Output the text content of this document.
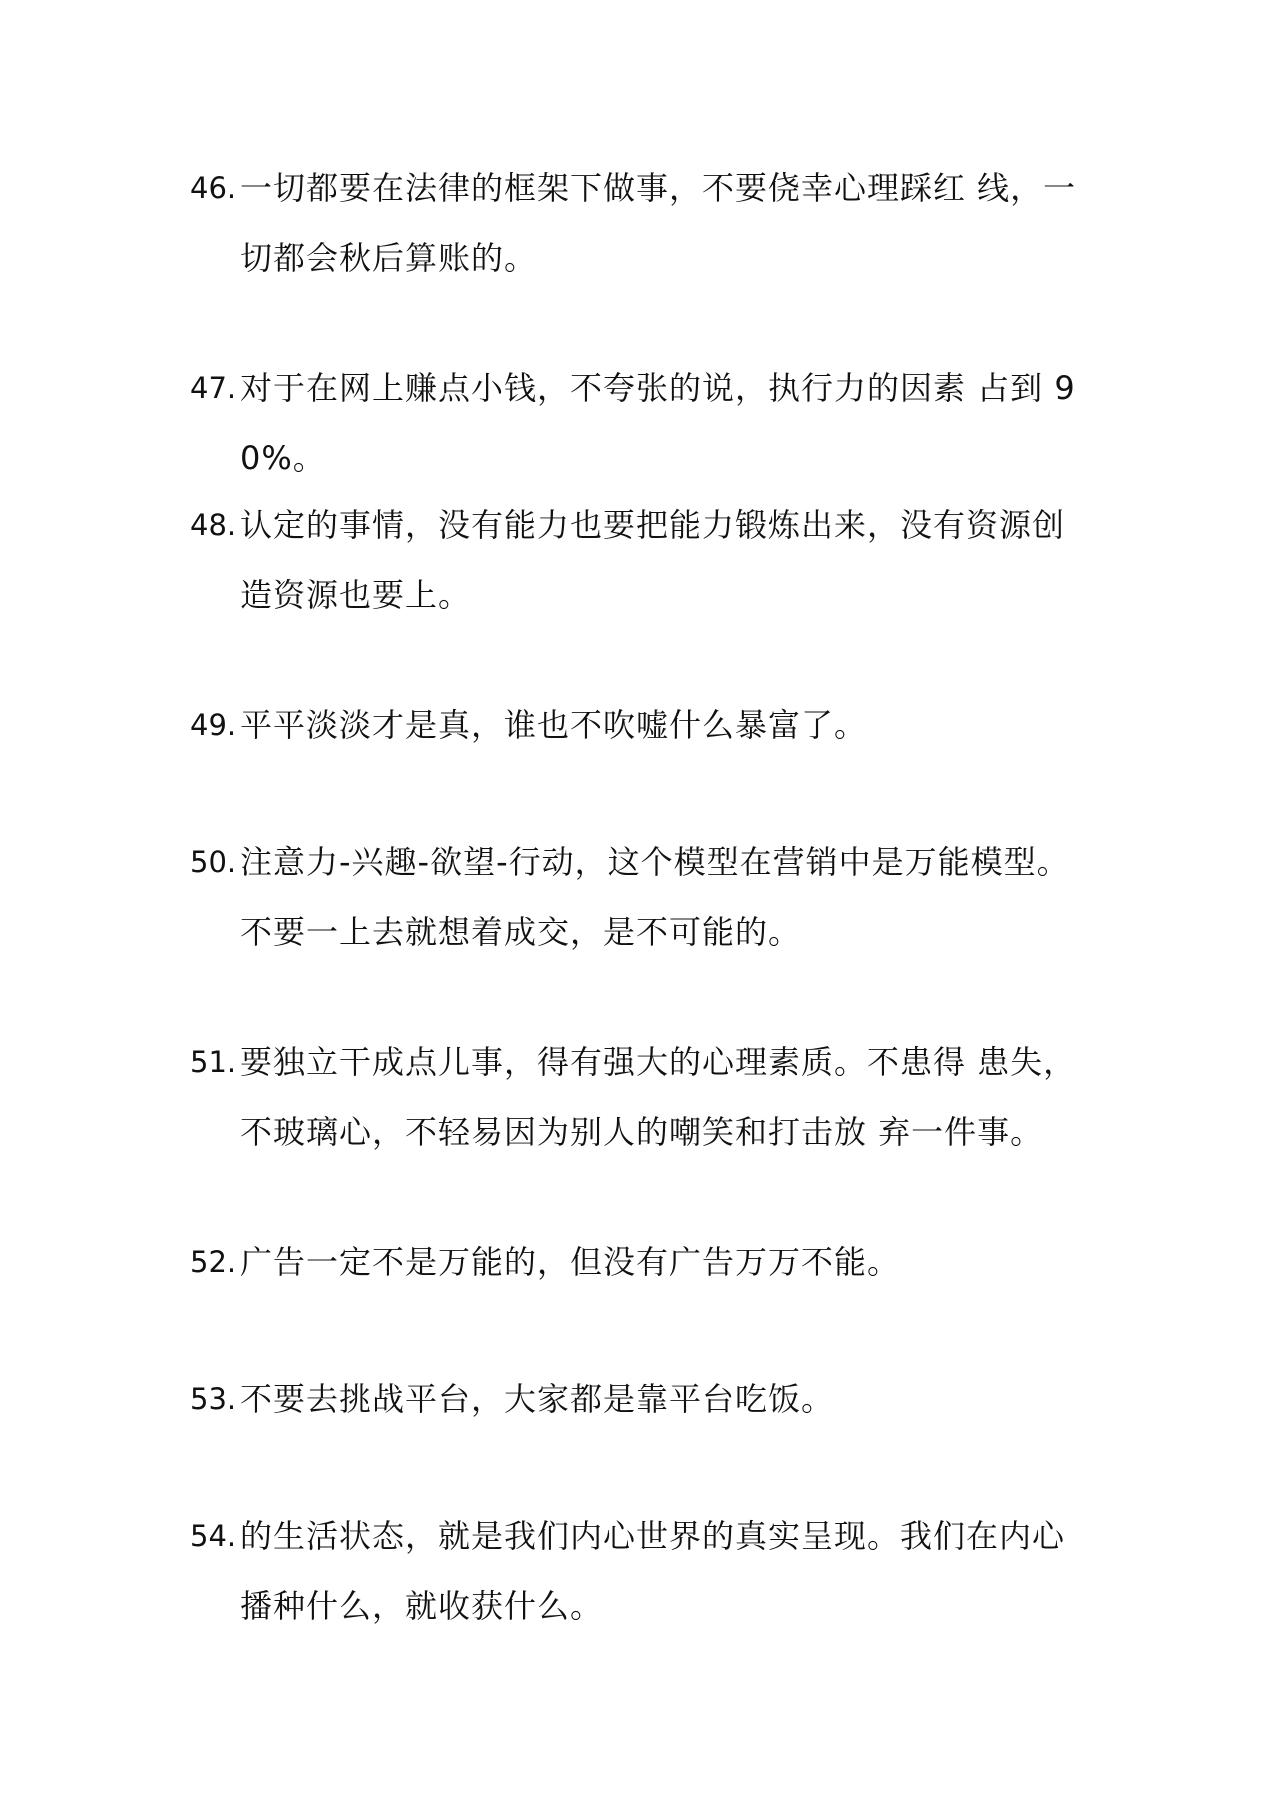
46. 一切都要在法律的框架下做事，不要侥幸心理踩红 线，一切都会秋后算账的。
47. 对于在网上赚点小钱，不夸张的说，执行力的因素 占到 90%。
48. 认定的事情，没有能力也要把能力锻炼出来，没有资源创造资源也要上。
49. 平平淡淡才是真，谁也不吹嘘什么暴富了。
50. 注意力-兴趣-欲望-行动，这个模型在营销中是万能模型。不要一上去就想着成交，是不可能的。
51. 要独立干成点儿事，得有强大的心理素质。不患得 患失，不玻璃心，不轻易因为别人的嘲笑和打击放 弃一件事。
52. 广告一定不是万能的，但没有广告万万不能。
53. 不要去挑战平台，大家都是靠平台吃饭。
54. 的生活状态，就是我们内心世界的真实呈现。我们在内心播种什么，就收获什么。
